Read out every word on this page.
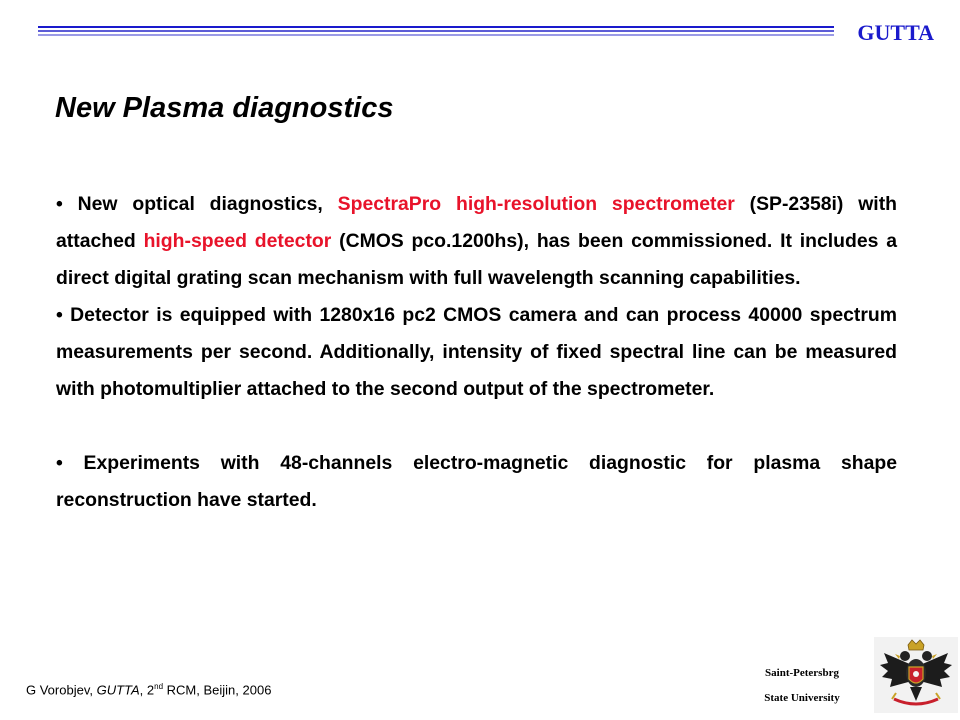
GUTTA
New Plasma diagnostics

• New optical diagnostics, SpectraPro high-resolution spectrometer (SP-2358i) with attached high-speed detector (CMOS pco.1200hs), has been commissioned. It includes a direct digital grating scan mechanism with full wavelength scanning capabilities.

• Detector is equipped with 1280x16 pc2 CMOS camera and can process 40000 spectrum measurements per second. Additionally, intensity of fixed spectral line can be measured with photomultiplier attached to the second output of the spectrometer.

• Experiments with 48-channels electro-magnetic diagnostic for plasma shape reconstruction have started.

G Vorobjev, GUTTA, 2nd RCM, Beijin, 2006
Saint-Petersbrg
State University
